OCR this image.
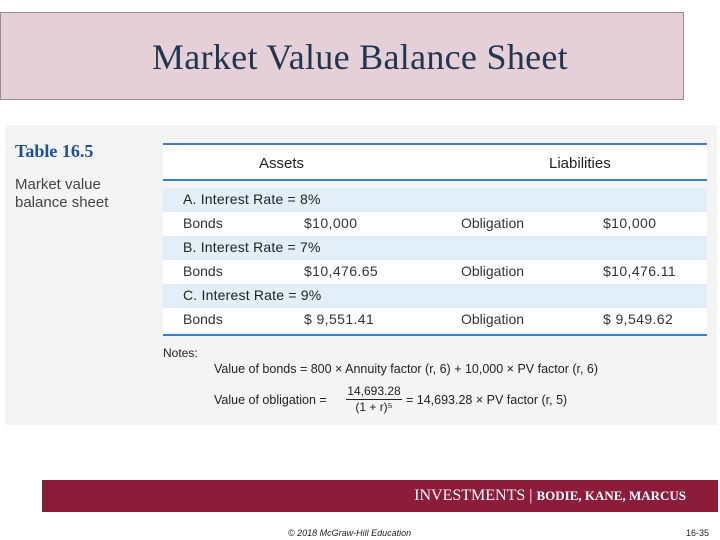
Market Value Balance Sheet
Table 16.5
Market value balance sheet
Assets	Liabilities
A. Interest Rate = 8%
Bonds	$10,000	Obligation	$10,000
B. Interest Rate = 7%
Bonds	$10,476.65	Obligation	$10,476.11
C. Interest Rate = 9%
Bonds	$ 9,551.41	Obligation	$ 9,549.62
Notes:
Value of bonds = 800 × Annuity factor (r, 6) + 10,000 × PV factor (r, 6)
Value of obligation =
14,693.28
(1 + r)⁵	= 14,693.28 × PV factor (r, 5)
INVESTMENTS | BODIE, KANE, MARCUS
© 2018 McGraw-Hill Education	16-35
